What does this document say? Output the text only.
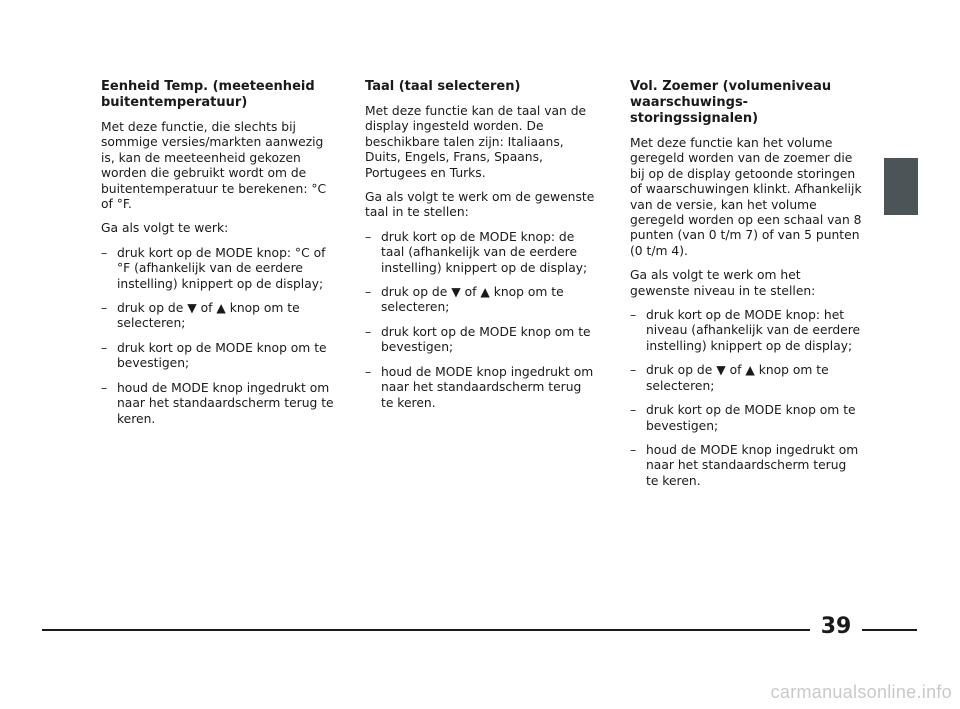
Eenheid Temp. (meeteenheid buitentemperatuur)

Met deze functie, die slechts bij sommige versies/markten aanwezig is, kan de meeteenheid gekozen worden die gebruikt wordt om de buitentemperatuur te berekenen: °C of °F.

Ga als volgt te werk:

– druk kort op de MODE knop: °C of °F (afhankelijk van de eerdere instelling) knippert op de display;
– druk op de ▼ of ▲ knop om te selecteren;
– druk kort op de MODE knop om te bevestigen;
– houd de MODE knop ingedrukt om naar het standaardscherm terug te keren.
Taal (taal selecteren)

Met deze functie kan de taal van de display ingesteld worden. De beschikbare talen zijn: Italiaans, Duits, Engels, Frans, Spaans, Portugees en Turks.

Ga als volgt te werk om de gewenste taal in te stellen:

– druk kort op de MODE knop: de taal (afhankelijk van de eerdere instelling) knippert op de display;
– druk op de ▼ of ▲ knop om te selecteren;
– druk kort op de MODE knop om te bevestigen;
– houd de MODE knop ingedrukt om naar het standaardscherm terug te keren.
Vol. Zoemer (volumeniveau waarschuwings-storingssignalen)

Met deze functie kan het volume geregeld worden van de zoemer die bij op de display getoonde storingen of waarschuwingen klinkt. Afhankelijk van de versie, kan het volume geregeld worden op een schaal van 8 punten (van 0 t/m 7) of van 5 punten (0 t/m 4).

Ga als volgt te werk om het gewenste niveau in te stellen:

– druk kort op de MODE knop: het niveau (afhankelijk van de eerdere instelling) knippert op de display;
– druk op de ▼ of ▲ knop om te selecteren;
– druk kort op de MODE knop om te bevestigen;
– houd de MODE knop ingedrukt om naar het standaardscherm terug te keren.
39
carmanualsonline.info
